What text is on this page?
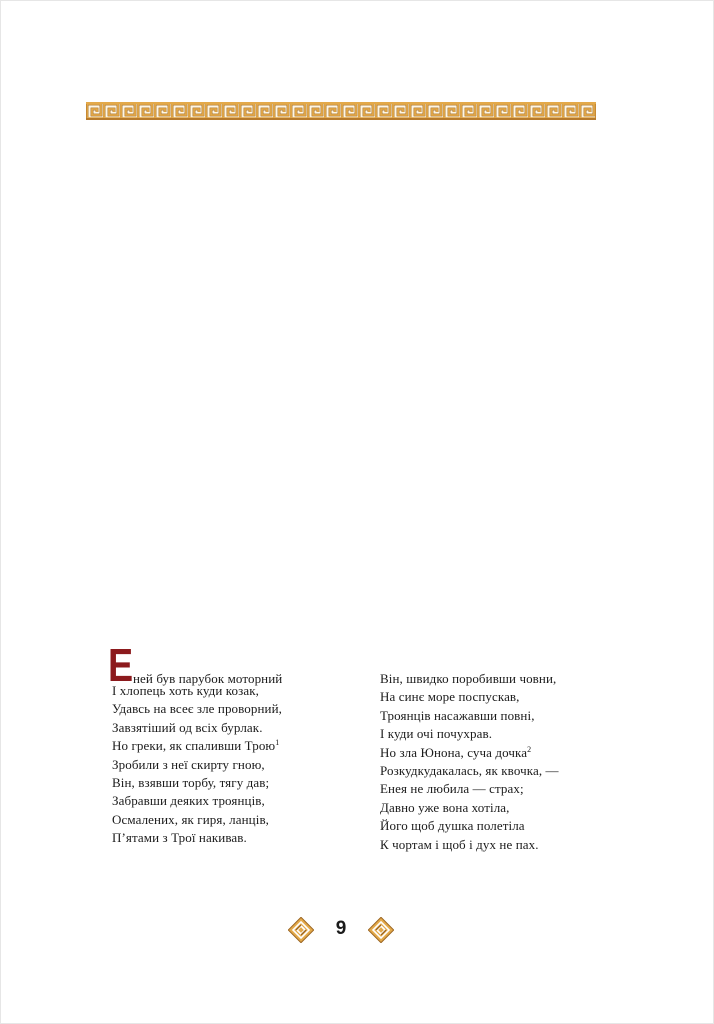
Е ней був парубок моторний
І хлопець хоть куди козак,
Удавсь на всеє зле проворний,
Завзятіший од всіх бурлак.
Но греки, як спаливши Трою$^1$
Зробили з неї скирту гною,
Він, взявши торбу, тягу дав;
Забравши деяких троянців,
Осмалених, як гиря, ланців,
П’ятами з Трої накивав.
Він, швидко поробивши човни,
На синє море поспускав,
Троянців насажавши повні,
І куди очі почухрав.
Но зла Юнона, суча дочка$^2$
Розкудкудакалась, як квочка, —
Енея не любила — страх;
Давно уже вона хотіла,
Його щоб душка полетіла
К чортам і щоб і дух не пах.
9
